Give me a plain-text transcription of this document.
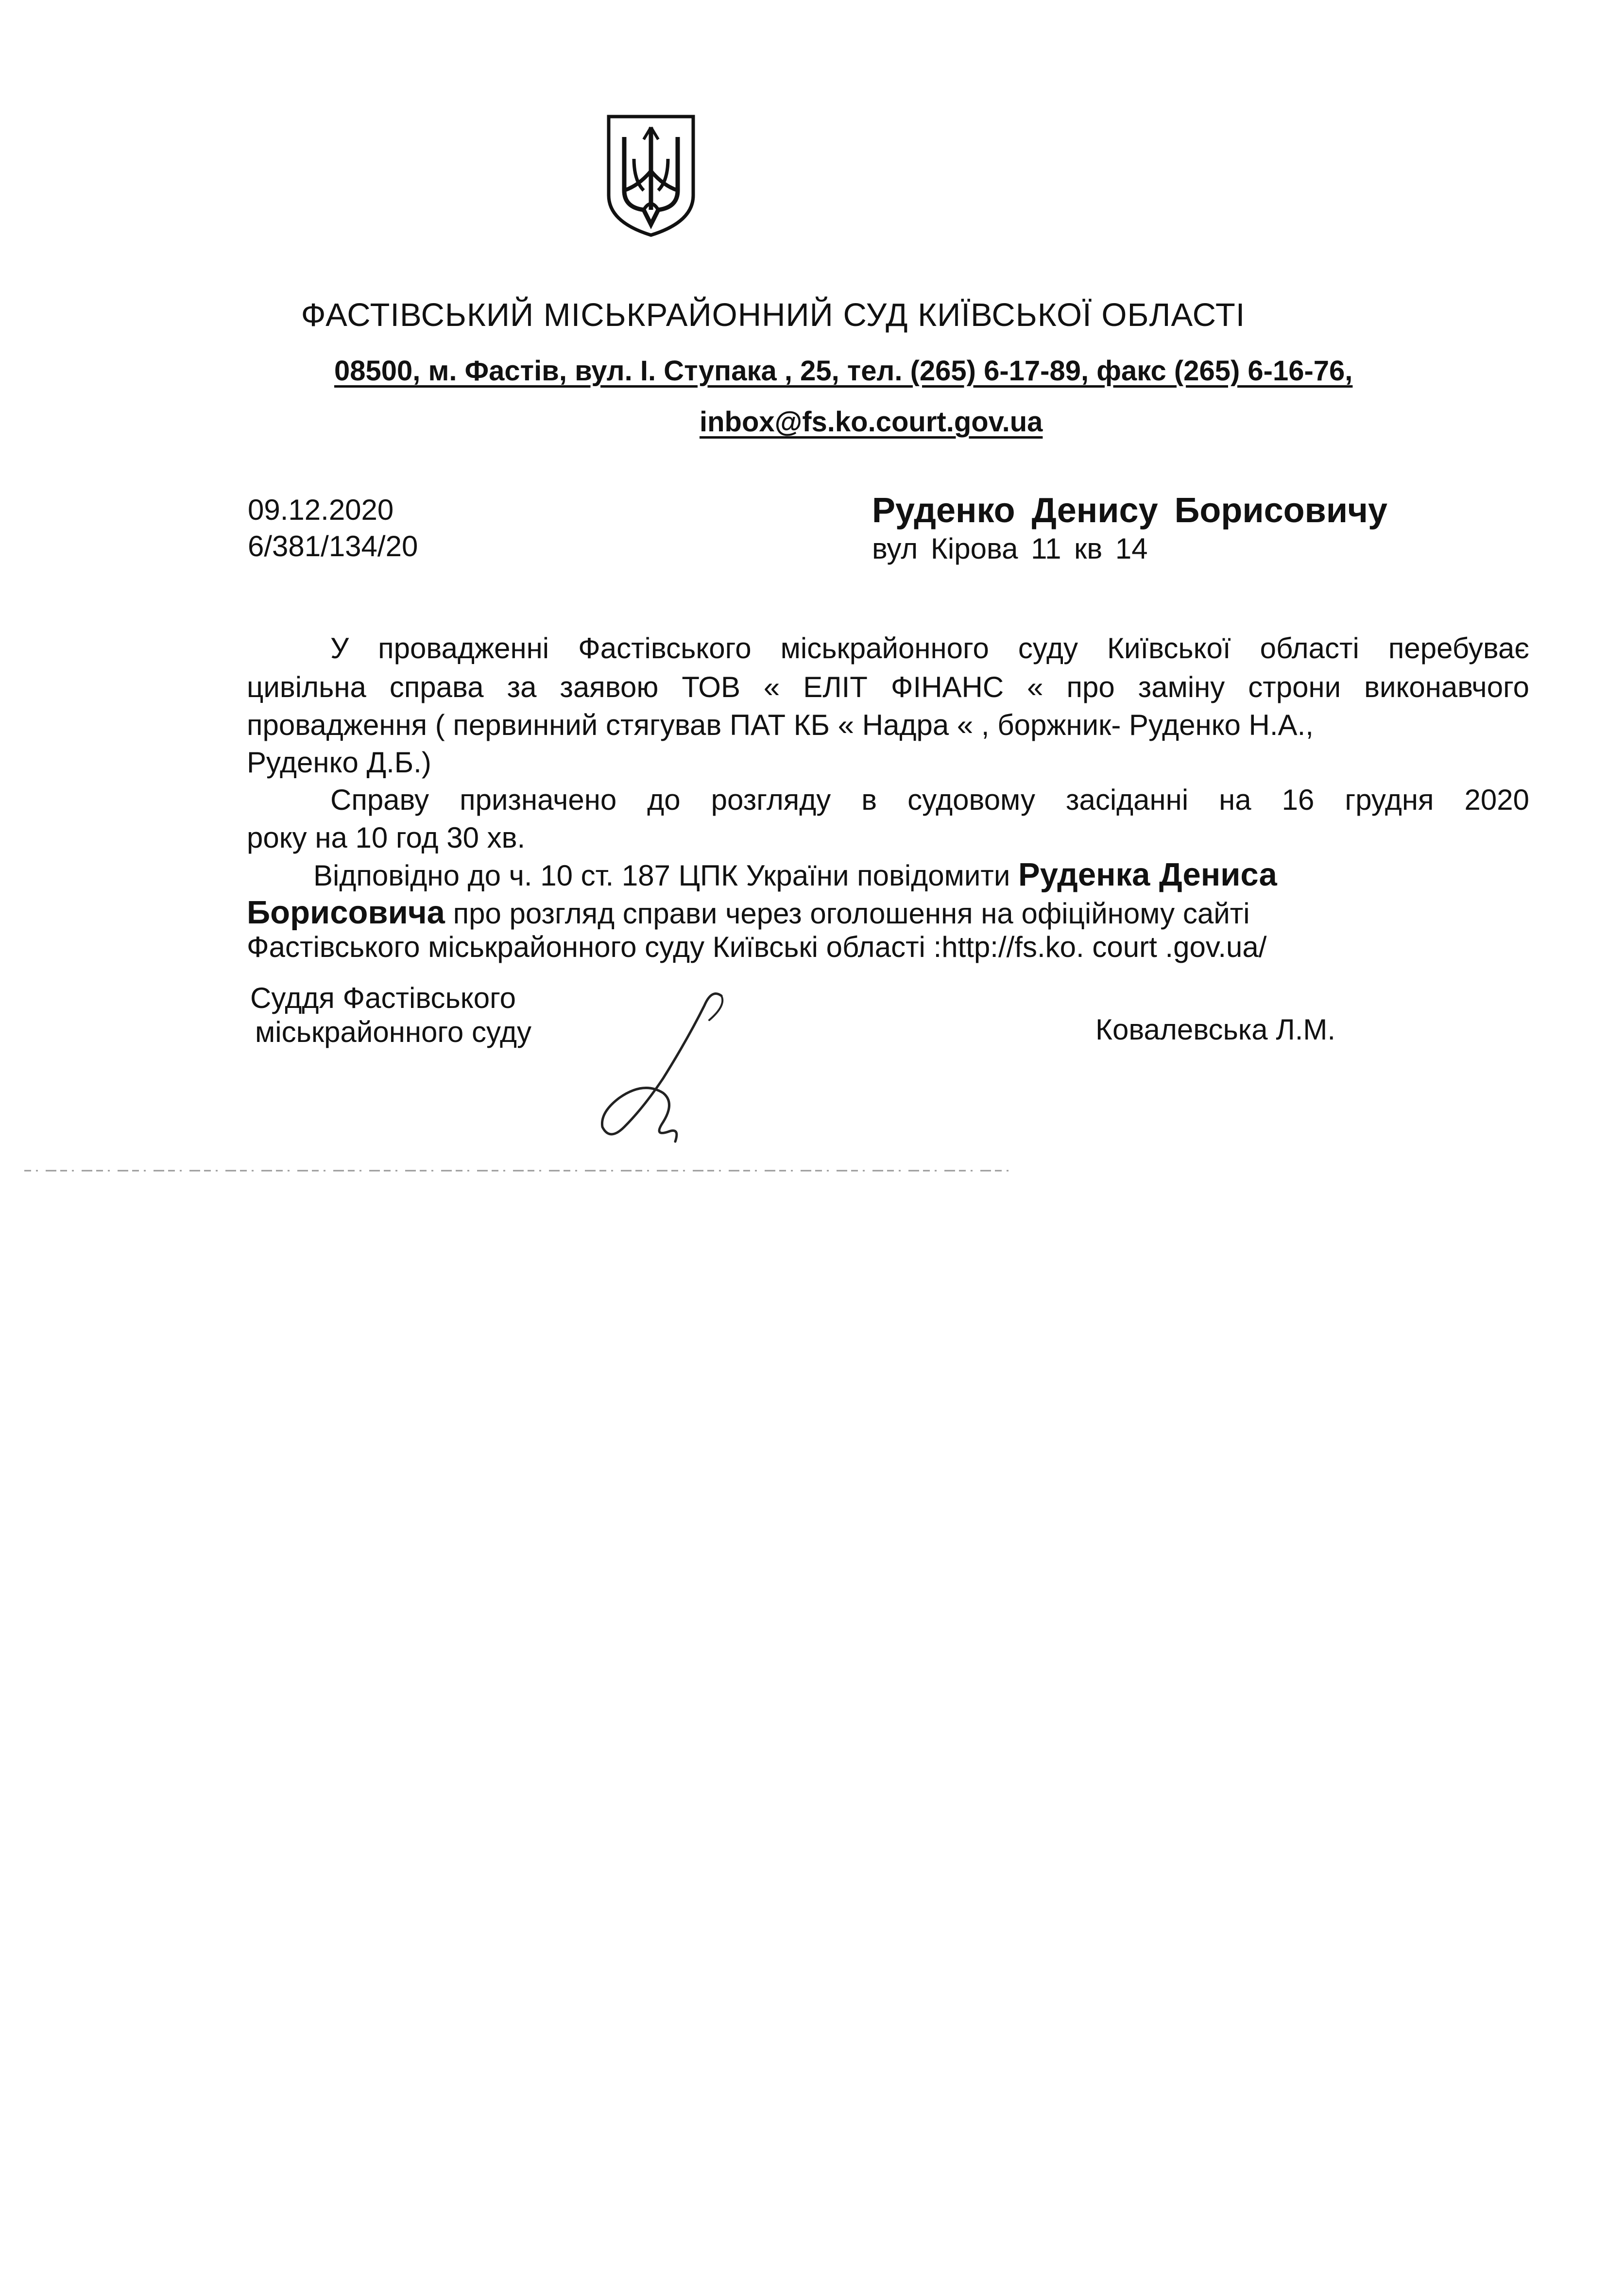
ФАСТІВСЬКИЙ МІСЬКРАЙОННИЙ СУД КИЇВСЬКОЇ ОБЛАСТІ
08500, м. Фастів, вул. І. Ступака , 25, тел. (265) 6-17-89, факс (265) 6-16-76,
inbox@fs.ko.court.gov.ua
09.12.2020
6/381/134/20
Руденко Денису Борисовичу
вул Кірова 11 кв 14
У провадженні Фастівського міськрайонного суду Київської області перебуває
цивільна справа за заявою ТОВ « ЕЛІТ ФІНАНС « про заміну строни виконавчого
провадження ( первинний стягував ПАТ КБ « Надра « , боржник- Руденко Н.А.,
Руденко Д.Б.)
Справу призначено до розгляду в судовому засіданні на 16 грудня 2020
року на 10 год 30 хв.
Відповідно до ч. 10 ст. 187 ЦПК України повідомити Руденка Дениса
Борисовича про розгляд справи через оголошення на офіційному сайті
Фастівського міськрайонного суду Київські області :http://fs.ko. court .gov.ua/
Суддя Фастівського
міськрайонного суду	Ковалевська Л.М.
